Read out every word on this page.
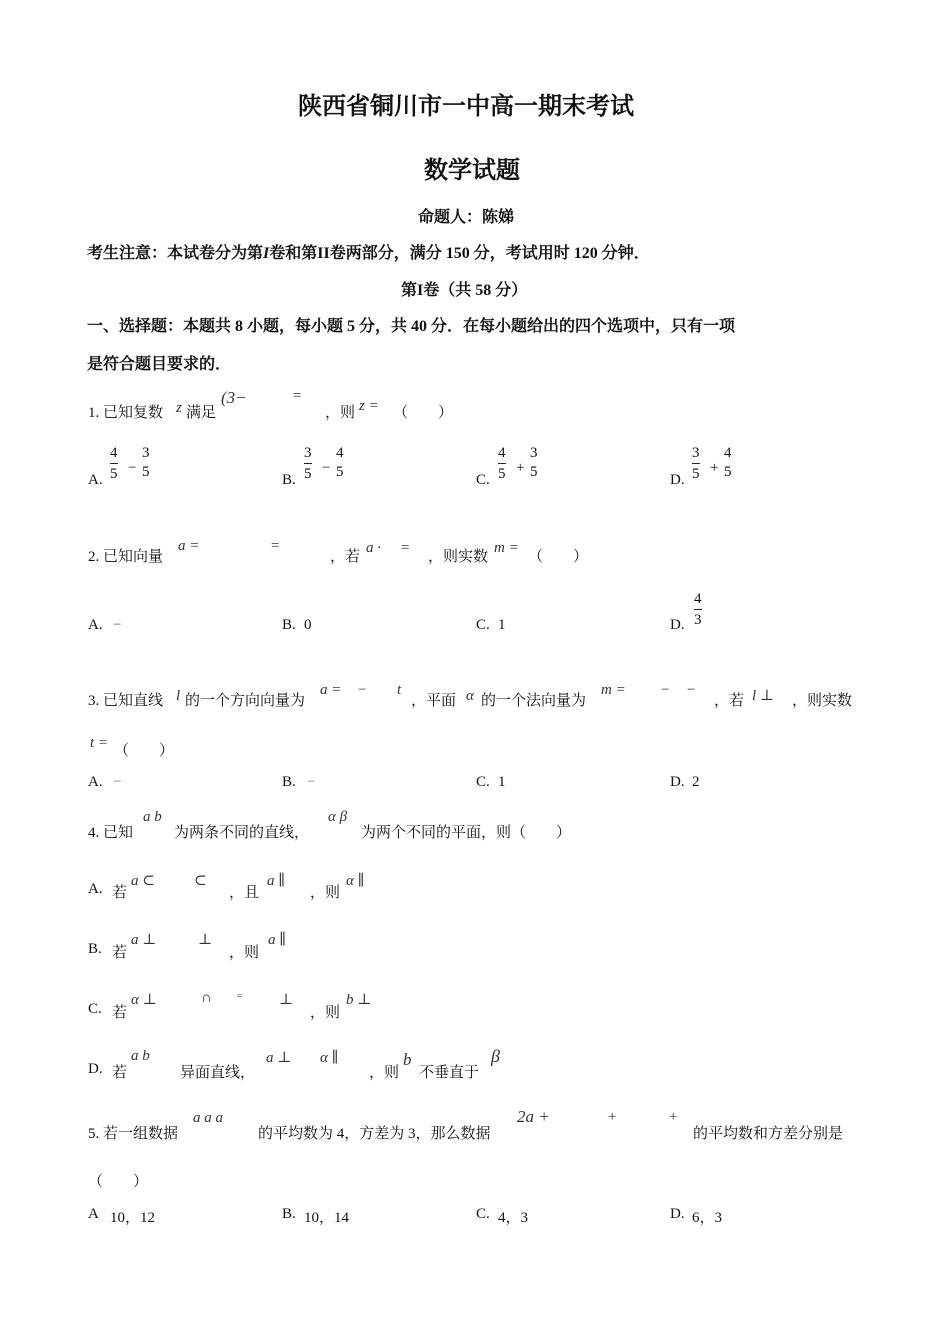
陕西省铜川市一中高一期末考试
数学试题
命题人：陈娣
考生注意：本试卷分为第I卷和第II卷两部分，满分 150 分，考试用时 120 分钟．
第I卷（共 58 分）
一、选择题：本题共 8 小题，每小题 5 分，共 40 分．在每小题给出的四个选项中，只有一项
是符合题目要求的．
1. 已知复数 z 满足
(3−	=
，则 z = （　　）
A.
4
5 −
3
5	B.
3
5 −
4
5	C.
4
5 +
3
5	D.
3
5 +
4
5
2. 已知向量
a =	=
，若
a · =
，则实数
m =
（　　）
A. −	B. 0	C. 1	D.
4
3
3. 已知直线 l 的一个方向向量为
a = − t
，平面 α 的一个法向量为
m = − −
，若 l ⊥ ，则实数
t = （　　）
A. −	B. −	C. 1	D. 2
4. 已知
a b
为两条不同的直线，
α β
为两个不同的平面，则（　　）
A. 若
a ⊂	⊂
，且
a ∥
，则
α ∥
B. 若
a ⊥	⊥
，则
a ∥
C. 若
α ⊥	∩ = ⊥
，则
b ⊥
D. 若
a b
异面直线，
a ⊥ α ∥
，则
b
不垂直于
β
5. 若一组数据
a a a
的平均数为 4，方差为 3，那么数据
2a +	+	+
的平均数和方差分别是
（　　）
A 10，12	B. 10，14	C. 4，3	D. 6，3
